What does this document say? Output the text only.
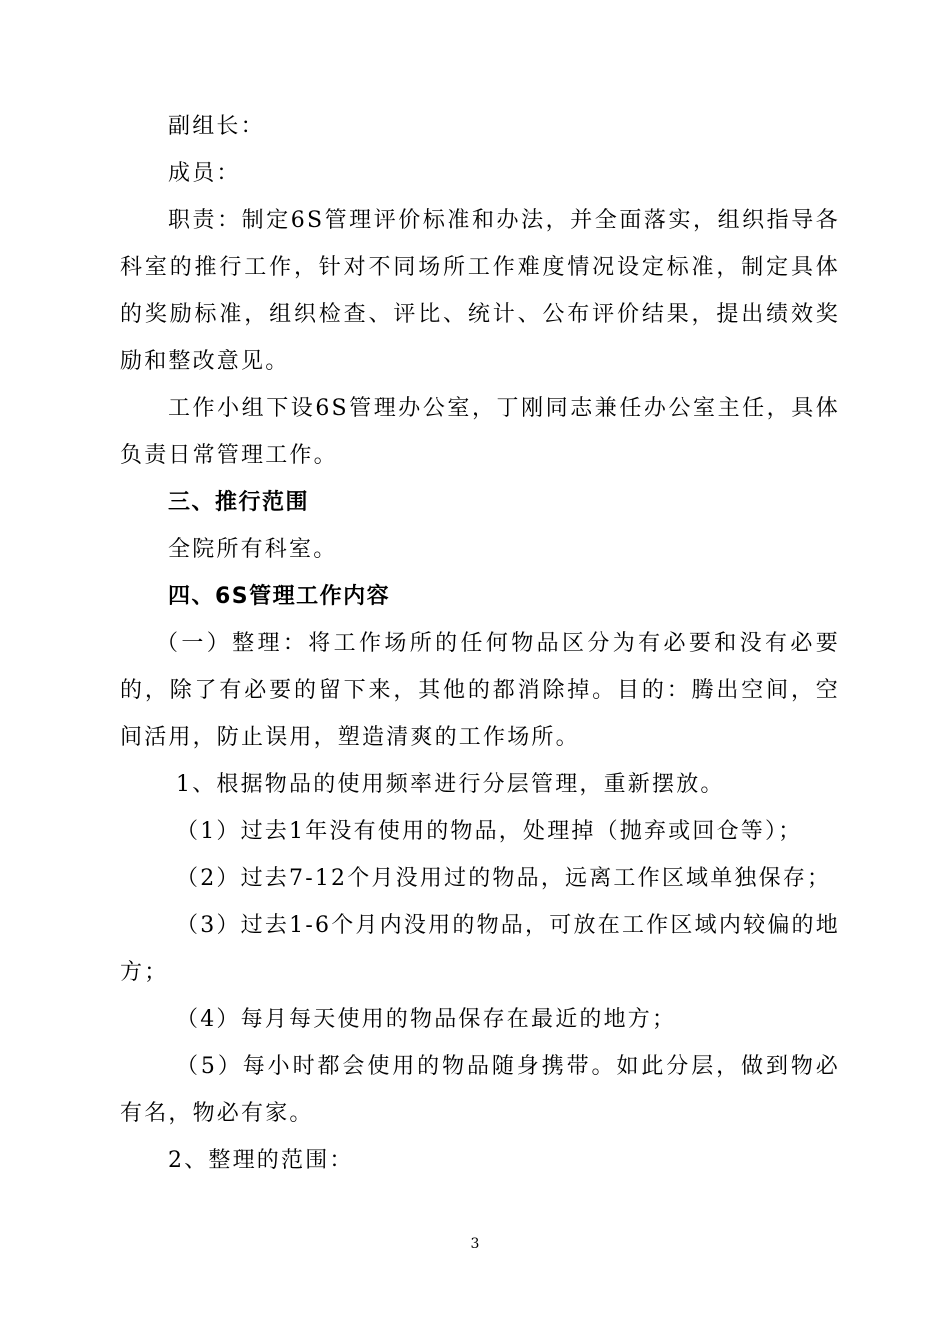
副组长：

成员：

职责：制定6S管理评价标准和办法，并全面落实，组织指导各科室的推行工作，针对不同场所工作难度情况设定标准，制定具体的奖励标准，组织检查、评比、统计、公布评价结果，提出绩效奖励和整改意见。

工作小组下设6S管理办公室，丁刚同志兼任办公室主任，具体负责日常管理工作。

三、推行范围

全院所有科室。

四、6S管理工作内容

（一）整理：将工作场所的任何物品区分为有必要和没有必要的，除了有必要的留下来，其他的都消除掉。目的：腾出空间，空间活用，防止误用，塑造清爽的工作场所。

1、根据物品的使用频率进行分层管理，重新摆放。

（1）过去1年没有使用的物品，处理掉（抛弃或回仓等）；

（2）过去7-12个月没用过的物品，远离工作区域单独保存；

（3）过去1-6个月内没用的物品，可放在工作区域内较偏的地方；

（4）每月每天使用的物品保存在最近的地方；

（5）每小时都会使用的物品随身携带。如此分层，做到物必有名，物必有家。

2、整理的范围：

3
